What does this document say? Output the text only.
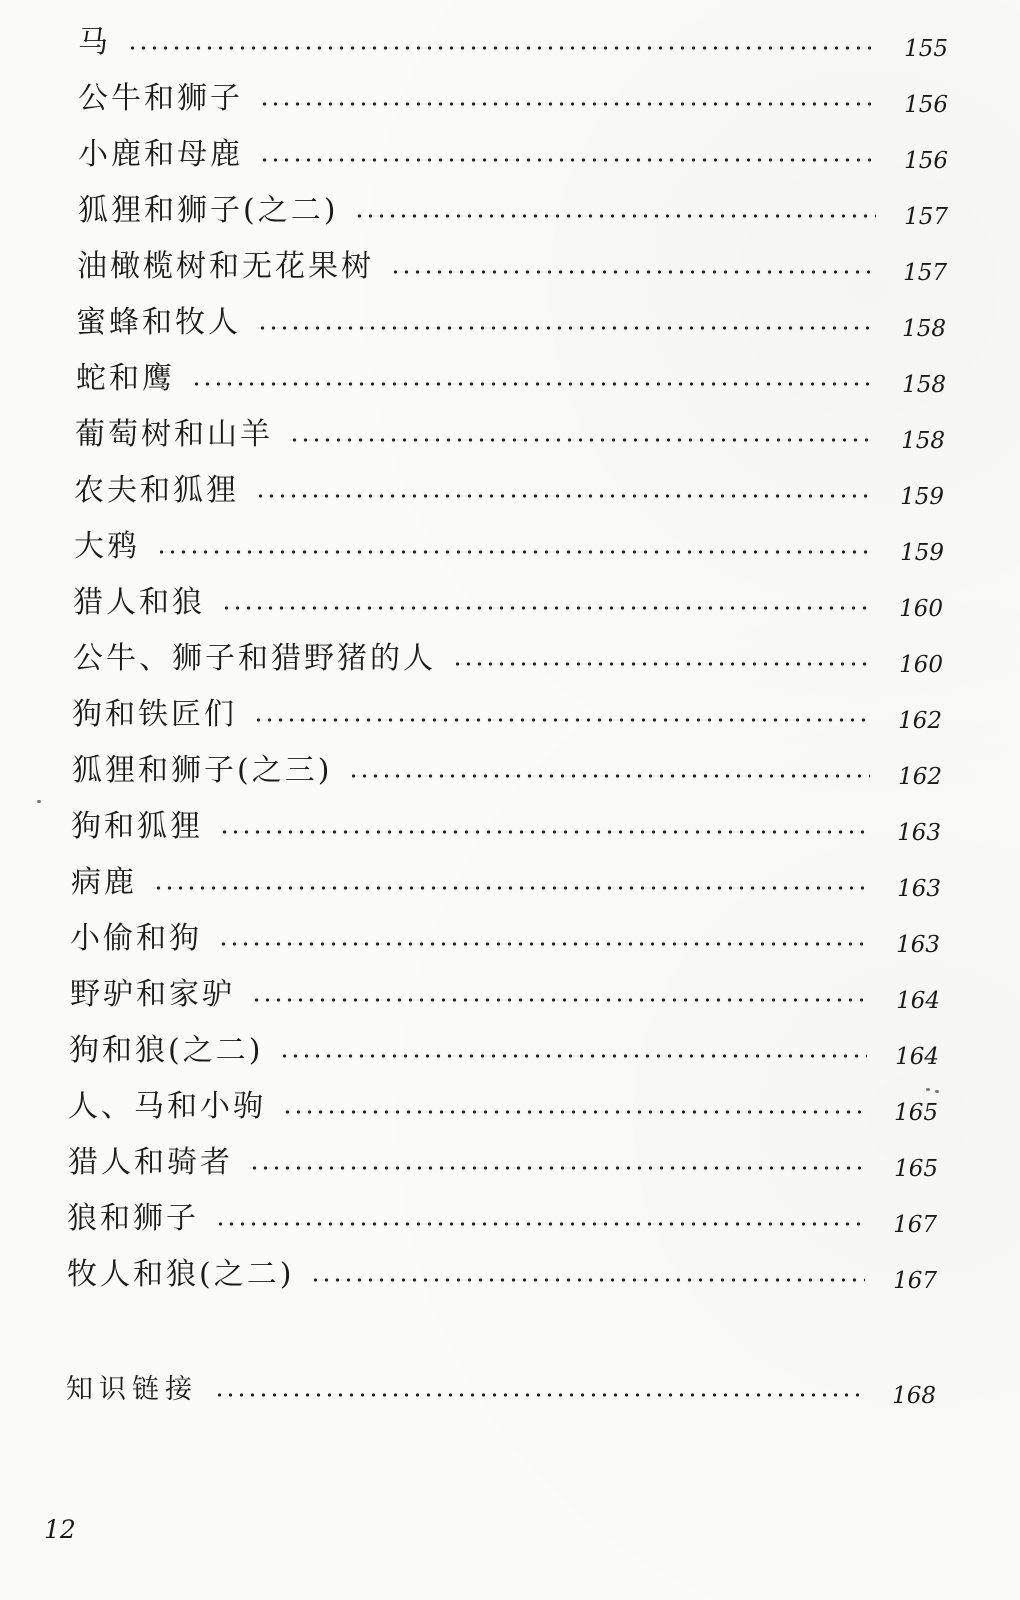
马	155
公牛和狮子	156
小鹿和母鹿	156
狐狸和狮子(之二)	157
油橄榄树和无花果树	157
蜜蜂和牧人	158
蛇和鹰	158
葡萄树和山羊	158
农夫和狐狸	159
大鸦	159
猎人和狼	160
公牛、狮子和猎野猪的人	160
狗和铁匠们	162
狐狸和狮子(之三)	162
狗和狐狸	163
病鹿	163
小偷和狗	163
野驴和家驴	164
狗和狼(之二)	164
人、马和小驹	165
猎人和骑者	165
狼和狮子	167
牧人和狼(之二)	167
知识链接	168
12
